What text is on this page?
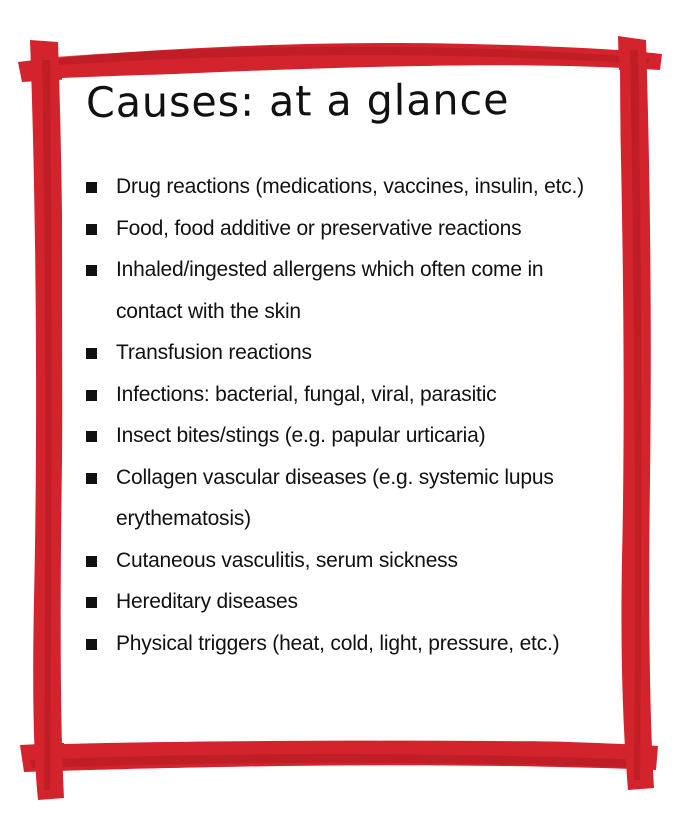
Causes: at a glance
Drug reactions (medications, vaccines, insulin, etc.)
Food, food additive or preservative reactions
Inhaled/ingested allergens which often come in contact with the skin
Transfusion reactions
Infections: bacterial, fungal, viral, parasitic
Insect bites/stings (e.g. papular urticaria)
Collagen vascular diseases (e.g. systemic lupus erythematosis)
Cutaneous vasculitis, serum sickness
Hereditary diseases
Physical triggers (heat, cold, light, pressure, etc.)
